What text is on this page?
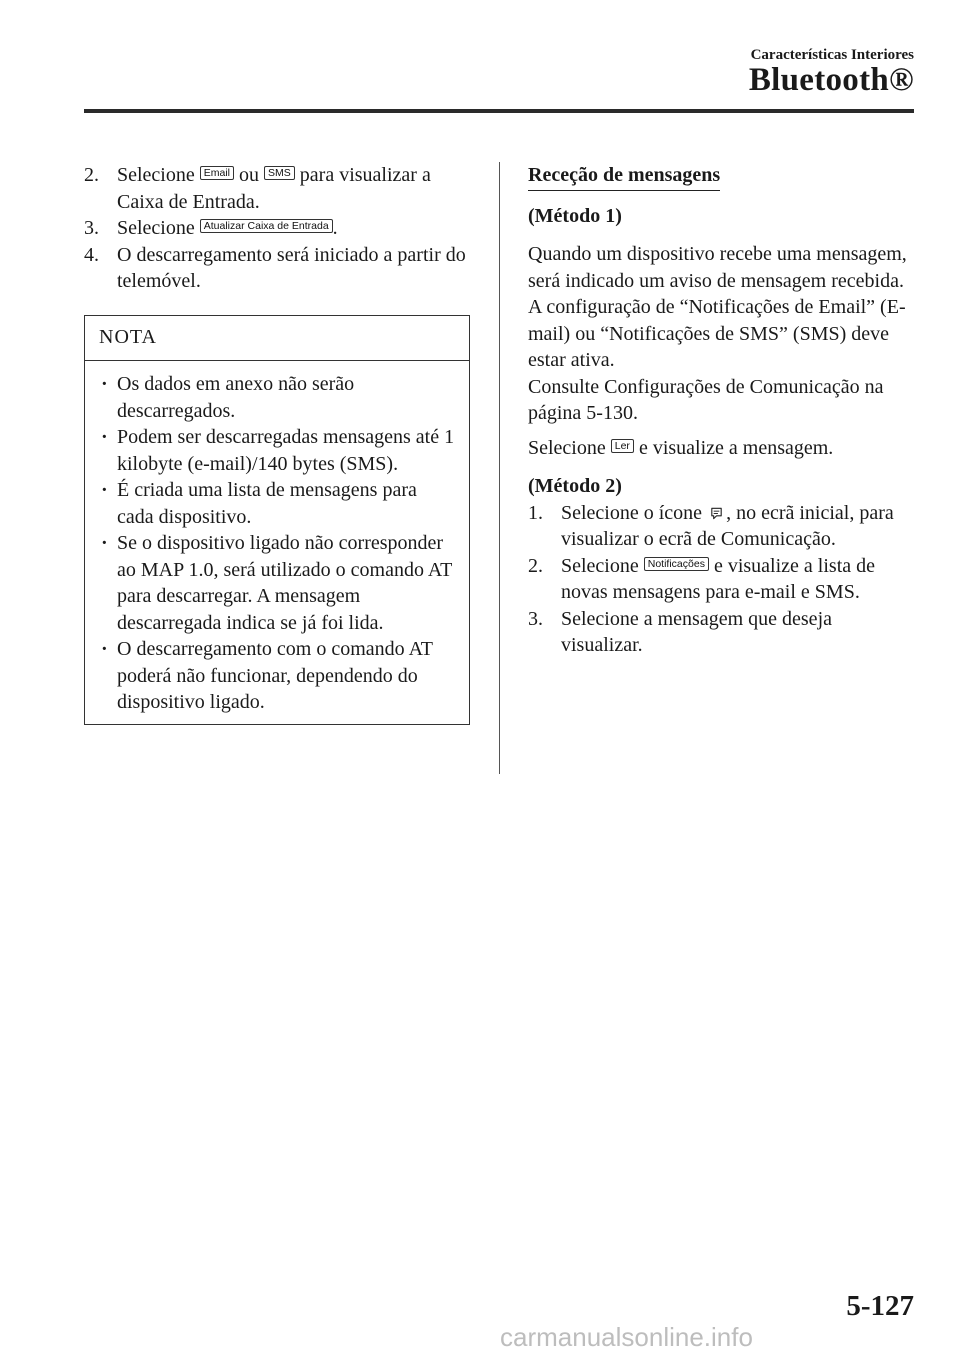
Características Interiores
Bluetooth®
2. Selecione Email ou SMS para visualizar a Caixa de Entrada.
3. Selecione Atualizar Caixa de Entrada .
4. O descarregamento será iniciado a partir do telemóvel.
NOTA
· Os dados em anexo não serão descarregados.
· Podem ser descarregadas mensagens até 1 kilobyte (e-mail)/140 bytes (SMS).
· É criada uma lista de mensagens para cada dispositivo.
· Se o dispositivo ligado não corresponder ao MAP 1.0, será utilizado o comando AT para descarregar. A mensagem descarregada indica se já foi lida.
· O descarregamento com o comando AT poderá não funcionar, dependendo do dispositivo ligado.
Receção de mensagens
(Método 1)
Quando um dispositivo recebe uma mensagem, será indicado um aviso de mensagem recebida. A configuração de “Notificações de Email” (E-mail) ou “Notificações de SMS” (SMS) deve estar ativa.
Consulte Configurações de Comunicação na página 5-130.
Selecione Ler e visualize a mensagem.
(Método 2)
1. Selecione o ícone , no ecrã inicial, para visualizar o ecrã de Comunicação.
2. Selecione Notificações e visualize a lista de novas mensagens para e-mail e SMS.
3. Selecione a mensagem que deseja visualizar.
5-127
carmanualsonline.info
